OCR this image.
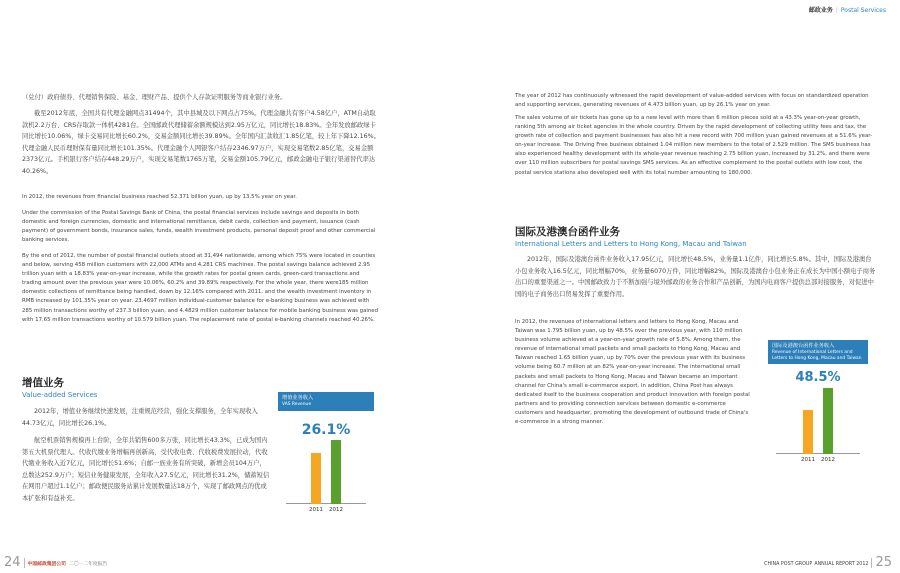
（兑付）政府债券、代理销售保险、基金、理财产品、提供个人存款证明服务等商业银行业务。

截至2012年底，全国共有代理金融网点31494个，其中县城及以下网点占75%。代理金融共有客户4.58亿户，ATM自动取款机2.2万台、CRS存取款一体机4281台。全国邮政代理储蓄余额规模达到2.95万亿元，同比增长18.83%。全年发放邮政绿卡同比增长10.06%，绿卡交易同比增长60.2%，交易金额同比增长39.89%。全年国内汇款收汇1.85亿笔，较上年下降12.16%。代理金融人民币理财保有量同比增长101.35%。代理金融个人网银客户结存2346.97万户，实现交易笔数2.85亿笔，交易金额2373亿元。手机银行客户结存448.29万户，实现交易笔数1765万笔，交易金额105.79亿元，邮政金融电子银行渠道替代率达40.26%。

In 2012, the revenues from financial business reached 52.371 billion yuan, up by 13.5% year on year.

Under the commission of the Postal Savings Bank of China, the postal financial services include savings and deposits in both domestic and foreign currencies, domestic and international remittance, debit cards, collection and payment, issuance (cash payment) of government bonds, insurance sales, funds, wealth investment products, personal deposit proof and other commercial banking services.

By the end of 2012, the number of postal financial outlets stood at 31,494 nationwide, among which 75% were located in counties and below, serving 458 million customers with 22,000 ATMs and 4,281 CRS machines. The postal savings balance achieved 2.95 trillion yuan with a 18.83% year-on-year increase, while the growth rates for postal green cards, green-card transactions and trading amount over the previous year were 10.06%, 60.2% and 39.89% respectively. For the whole year, there were185 million domestic collections of remittance being handled, down by 12.16% compared with 2011, and the wealth investment inventory in RMB increased by 101.35% year on year. 23.4697 million individual-customer balance for e-banking business was achieved with 285 million transactions worthy of 237.3 billion yuan, and 4.4829 million customer balance for mobile banking business was gained with 17.65 million transactions worthy of 10.579 billion yuan. The replacement rate of postal e-banking channels reached 40.26%.

增值业务
Value-added Services

2012年，增值业务继续快速发展，注重规范经营，强化支撑服务，全年实现收入44.73亿元，同比增长26.1%。

航空机票销售规模再上台阶，全年共销售600多万张，同比增长43.3%，已成为国内第五大机票代理人。代收代缴业务增幅再创新高，受代收电费、代收税费发展拉动，代收代缴业务收入近7亿元，同比增长51.6%；自邮一族业务有所突破，新增会员104万户，总数达252.9万户；短信业务健康发展，全年收入27.5亿元，同比增长31.2%，储蓄短信在网用户超过1.1亿户；邮政便民服务站累计发展数量达18万个，实现了邮政网点的优或本扩张和有益补充。

增值业务收入
VAS Revenue
26.1%
2011 2012
24 中国邮政集团公司 二〇一二年度报告
邮政业务 | Postal Services

The year of 2012 has continuously witnessed the rapid development of value-added services with focus on standardized operation and supporting services, generating revenues of 4.473 billion yuan, up by 26.1% year on year.

The sales volume of air tickets has gone up to a new level with more than 6 million pieces sold at a 43.3% year-on-year growth, ranking 5th among air ticket agencies in the whole country. Driven by the rapid development of collecting utility fees and tax, the growth rate of collection and payment businesses has also hit a new record with 700 million yuan gained revenues at a 51.6% year-on-year increase. The Driving Free business obtained 1.04 million new members to the total of 2.529 million. The SMS business has also experienced healthy development with its whole-year revenue reaching 2.75 billion yuan, increased by 31.2%, and there were over 110 million subscribers for postal savings SMS services. As an effective complement to the postal outlets with low cost, the postal service stations also developed well with its total number amounting to 180,000.

国际及港澳台函件业务
International Letters and Letters to Hong Kong, Macau and Taiwan

2012年，国际及港澳台函件业务收入17.95亿元，同比增长48.5%，业务量1.1亿件，同比增长5.8%。其中，国际及港澳台小包业务收入16.5亿元，同比增幅70%，业务量6070万件，同比增幅82%。国际及港澳台小包业务正在成长为中国小额电子商务出口的重要渠道之一。中国邮政致力于不断加强与境外邮政的业务合作和产品创新，为国内电商客户提供总部对接服务，对促进中国的电子商务出口贸易发挥了重要作用。

In 2012, the revenues of international letters and letters to Hong Kong, Macau and Taiwan was 1.795 billion yuan, up by 48.5% over the previous year, with 110 million business volume achieved at a year-on-year growth rate of 5.8%. Among them, the revenue of international small packets and small packets to Hong Kong, Macau and Taiwan reached 1.65 billion yuan, up by 70% over the previous year with its business volume being 60.7 million at an 82% year-on-year increase. The international small packets and small packets to Hong Kong, Macau and Taiwan became an important channel for China's small e-commerce export. In addition, China Post has always dedicated itself to the business cooperation and product innovation with foreign postal partners and to providing connection services between domestic e-commerce customers and headquarter, promoting the development of outbound trade of China's e-commerce in a strong manner.

国际及港澳台函件业务收入
Revenue of International Letters and Letters to Hong Kong, Macau and Taiwan
48.5%
2011 2012
CHINA POST GROUP ANNUAL REPORT 2012 25
